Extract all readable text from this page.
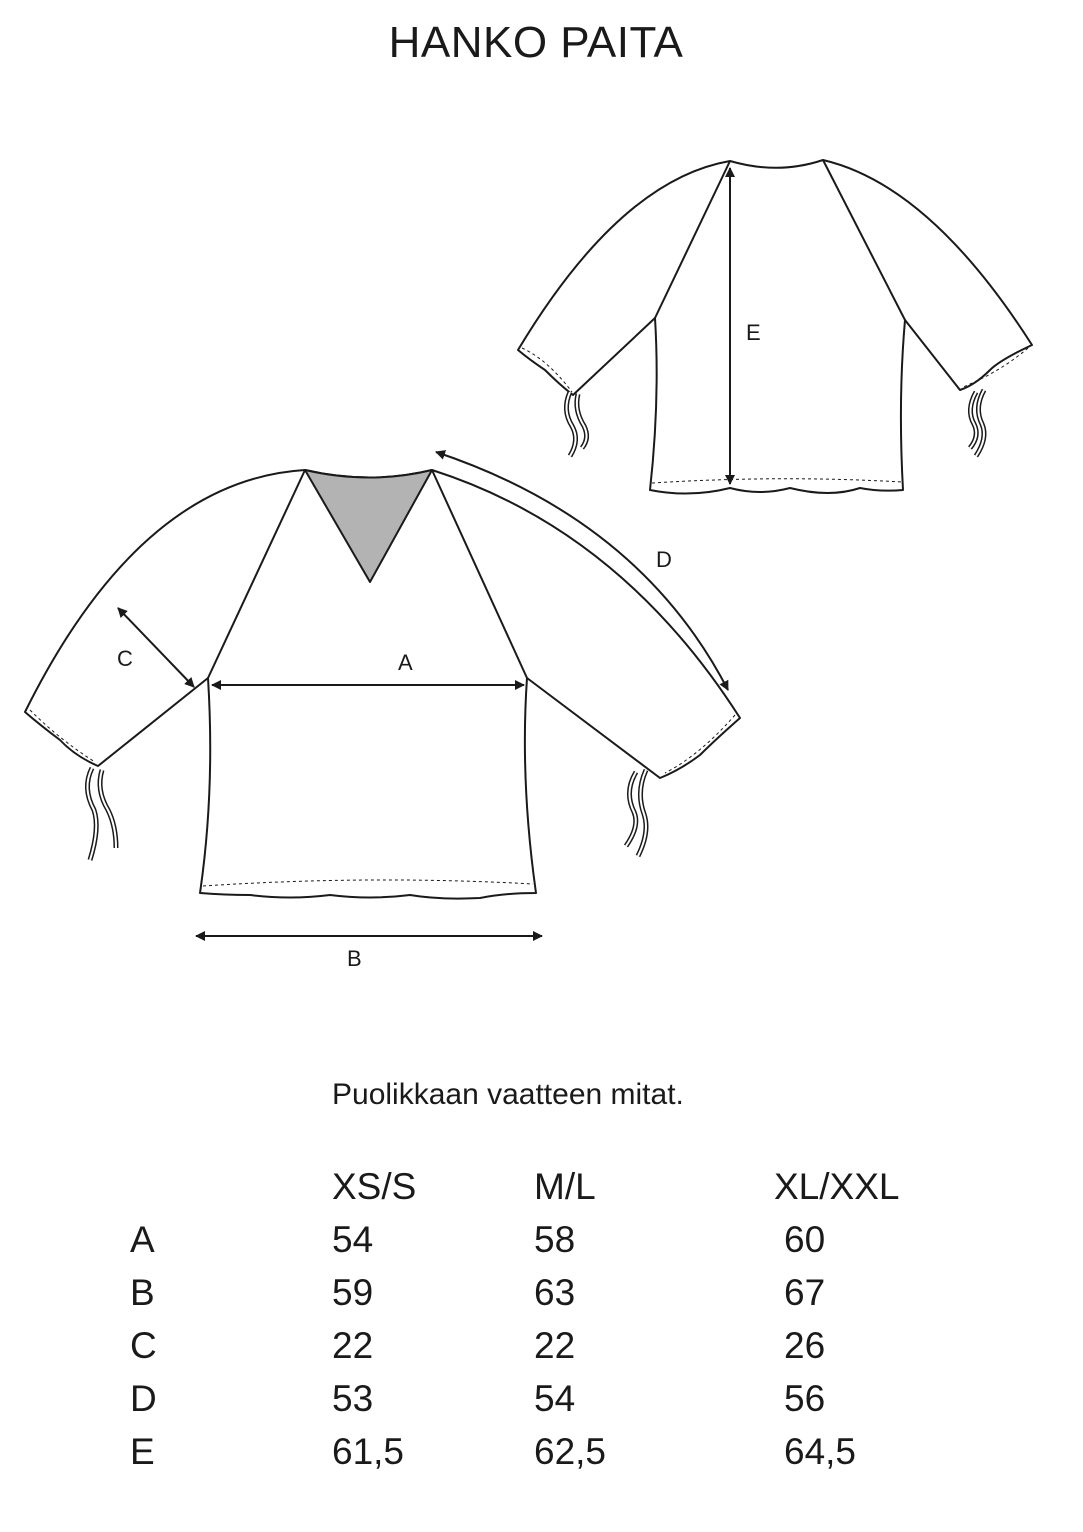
HANKO PAITA
E
A
B
C
D
Puolikkaan vaatteen mitat.
	XS/S	M/L	XL/XXL
A	54	58	60
B	59	63	67
C	22	22	26
D	53	54	56
E	61,5	62,5	64,5
